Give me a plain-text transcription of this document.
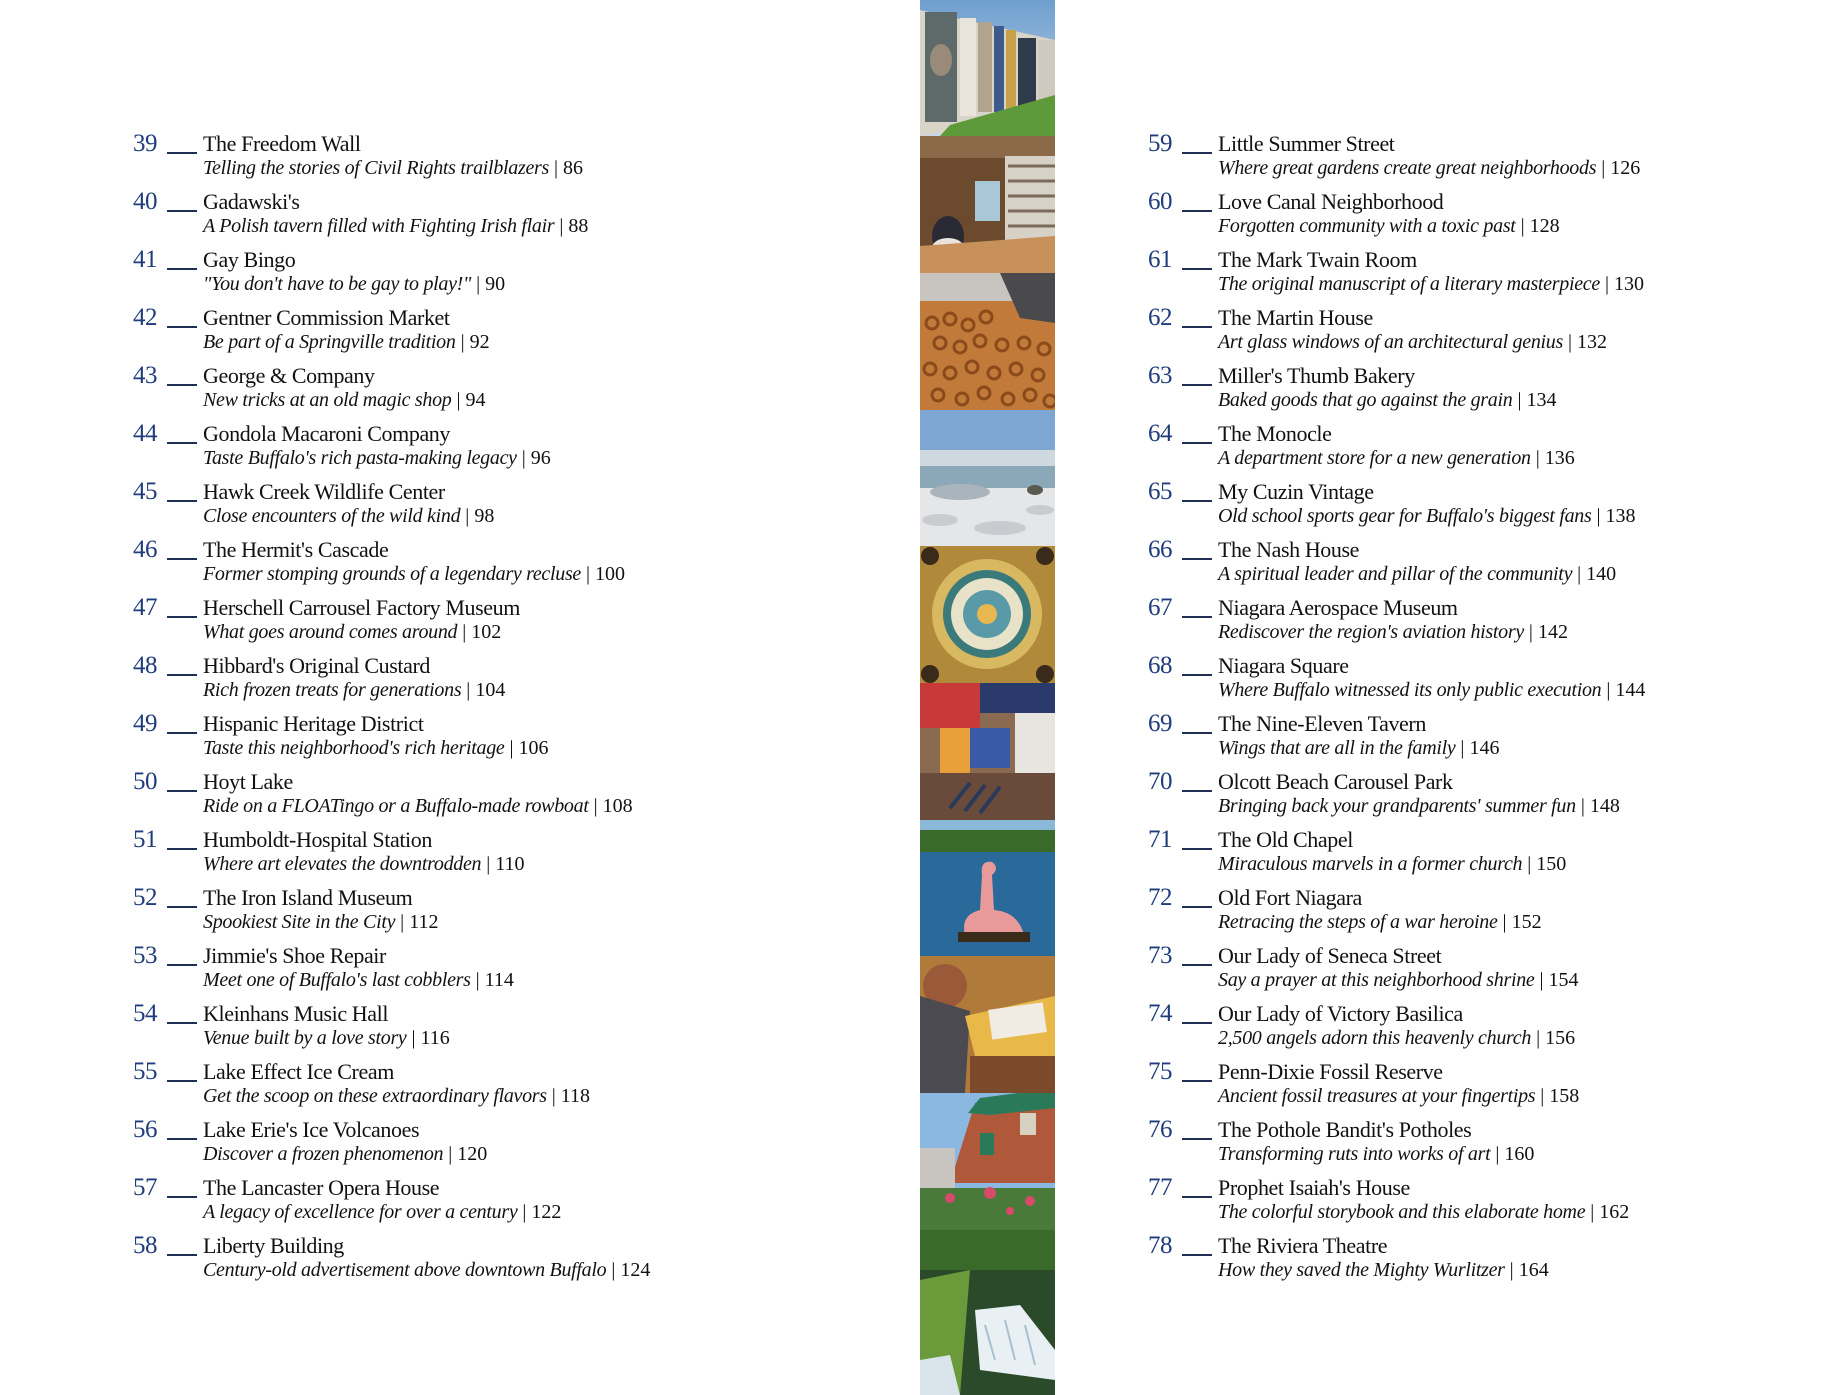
39 The Freedom Wall
Telling the stories of Civil Rights trailblazers | 86
40 Gadawski's
A Polish tavern filled with Fighting Irish flair | 88
41 Gay Bingo
"You don't have to be gay to play!" | 90
42 Gentner Commission Market
Be part of a Springville tradition | 92
43 George & Company
New tricks at an old magic shop | 94
44 Gondola Macaroni Company
Taste Buffalo's rich pasta-making legacy | 96
45 Hawk Creek Wildlife Center
Close encounters of the wild kind | 98
46 The Hermit's Cascade
Former stomping grounds of a legendary recluse | 100
47 Herschell Carrousel Factory Museum
What goes around comes around | 102
48 Hibbard's Original Custard
Rich frozen treats for generations | 104
49 Hispanic Heritage District
Taste this neighborhood's rich heritage | 106
50 Hoyt Lake
Ride on a FLOATingo or a Buffalo-made rowboat | 108
51 Humboldt-Hospital Station
Where art elevates the downtrodden | 110
52 The Iron Island Museum
Spookiest Site in the City | 112
53 Jimmie's Shoe Repair
Meet one of Buffalo's last cobblers | 114
54 Kleinhans Music Hall
Venue built by a love story | 116
55 Lake Effect Ice Cream
Get the scoop on these extraordinary flavors | 118
56 Lake Erie's Ice Volcanoes
Discover a frozen phenomenon | 120
57 The Lancaster Opera House
A legacy of excellence for over a century | 122
58 Liberty Building
Century-old advertisement above downtown Buffalo | 124
59 Little Summer Street
Where great gardens create great neighborhoods | 126
60 Love Canal Neighborhood
Forgotten community with a toxic past | 128
61 The Mark Twain Room
The original manuscript of a literary masterpiece | 130
62 The Martin House
Art glass windows of an architectural genius | 132
63 Miller's Thumb Bakery
Baked goods that go against the grain | 134
64 The Monocle
A department store for a new generation | 136
65 My Cuzin Vintage
Old school sports gear for Buffalo's biggest fans | 138
66 The Nash House
A spiritual leader and pillar of the community | 140
67 Niagara Aerospace Museum
Rediscover the region's aviation history | 142
68 Niagara Square
Where Buffalo witnessed its only public execution | 144
69 The Nine-Eleven Tavern
Wings that are all in the family | 146
70 Olcott Beach Carousel Park
Bringing back your grandparents' summer fun | 148
71 The Old Chapel
Miraculous marvels in a former church | 150
72 Old Fort Niagara
Retracing the steps of a war heroine | 152
73 Our Lady of Seneca Street
Say a prayer at this neighborhood shrine | 154
74 Our Lady of Victory Basilica
2,500 angels adorn this heavenly church | 156
75 Penn-Dixie Fossil Reserve
Ancient fossil treasures at your fingertips | 158
76 The Pothole Bandit's Potholes
Transforming ruts into works of art | 160
77 Prophet Isaiah's House
The colorful storybook and this elaborate home | 162
78 The Riviera Theatre
How they saved the Mighty Wurlitzer | 164
